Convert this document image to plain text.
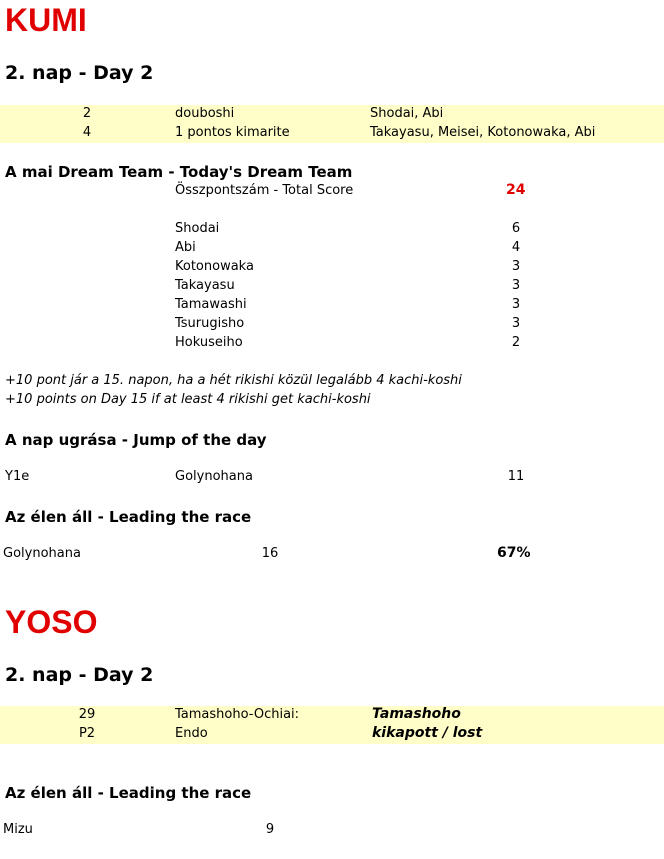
KUMI
2. nap - Day 2
2	douboshi	Shodai, Abi
4	1 pontos kimarite	Takayasu, Meisei, Kotonowaka, Abi
A mai Dream Team - Today's Dream Team
Összpontszám - Total Score	24
Shodai	6
Abi	4
Kotonowaka	3
Takayasu	3
Tamawashi	3
Tsurugisho	3
Hokuseiho	2
+10 pont jár a 15. napon, ha a hét rikishi közül legalább 4 kachi-koshi
+10 points on Day 15 if at least 4 rikishi get kachi-koshi
A nap ugrása - Jump of the day
Y1e	Golynohana	11
Az élen áll - Leading the race
Golynohana	16	67%
YOSO
2. nap - Day 2
29	Tamashoho-Ochiai:	Tamashoho
P2	Endo	kikapott / lost
Az élen áll - Leading the race
Mizu	9
